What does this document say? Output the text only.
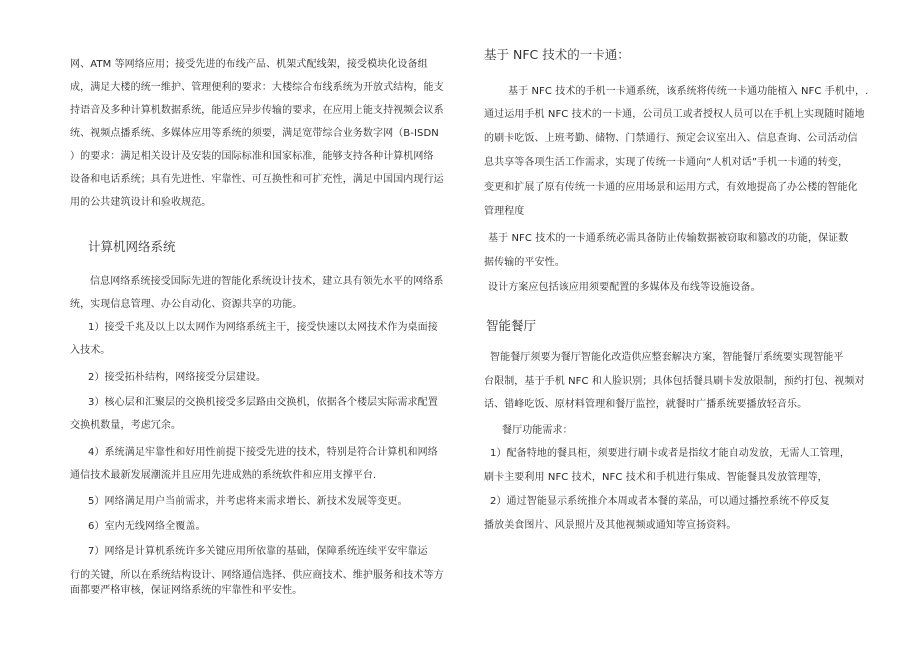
网、ATM 等网络应用；接受先进的布线产品、机架式配线架，接受模块化设备组
成，满足大楼的统一维护、管理便利的要求：大楼综合布线系统为开放式结构，能支
持语音及多种计算机数据系统，能适应异步传输的要求，在应用上能支持视频会议系
统、视频点播系统、多媒体应用等系统的须要，满足宽带综合业务数字网（B-ISDN
）的要求：满足相关设计及安装的国际标准和国家标准，能够支持各种计算机网络
设备和电话系统；具有先进性、牢靠性、可互换性和可扩充性，满足中国国内现行运
用的公共建筑设计和验收规范。
计算机网络系统
信息网络系统接受国际先进的智能化系统设计技术，建立具有领先水平的网络系
统，实现信息管理、办公自动化、资源共享的功能。
1）接受千兆及以上以太网作为网络系统主干，接受快速以太网技术作为桌面接
入技术。
2）接受拓朴结构，网络接受分层建设。
3）核心层和汇聚层的交换机接受多层路由交换机，依据各个楼层实际需求配置
交换机数量，考虑冗余。
4）系统满足牢靠性和好用性前提下接受先进的技术，特别是符合计算机和网络
通信技术最新发展潮流并且应用先进成熟的系统软件和应用支撑平台.
5）网络满足用户当前需求，并考虑将来需求增长、新技术发展等变更。
6）室内无线网络全覆盖。
7）网络是计算机系统许多关键应用所依靠的基础，保障系统连续平安牢靠运
行的关键，所以在系统结构设计、网络通信选择、供应商技术、维护服务和技术等方
面都要严格审核，保证网络系统的牢靠性和平安性。
基于 NFC 技术的一卡通：
基于 NFC 技术的手机一卡通系统，该系统将传统一卡通功能植入 NFC 手机中，.
通过运用手机 NFC 技术的一卡通，公司员工或者授权人员可以在手机上实现随时随地
的刷卡吃饭、上班考勤、储物、门禁通行、预定会议室出入、信息查询、公司活动信
息共享等各项生活工作需求，实现了传统一卡通向“人机对话”手机一卡通的转变，
变更和扩展了原有传统一卡通的应用场景和运用方式，有效地提高了办公楼的智能化
管理程度
基于 NFC 技术的一卡通系统必需具备防止传输数据被窃取和篡改的功能，保证数
据传输的平安性。
设计方案应包括该应用须要配置的多媒体及布线等设施设备。
智能餐厅
智能餐厅须要为餐厅智能化改造供应整套解决方案，智能餐厅系统要实现智能平
台限制，基于手机 NFC 和人脸识别；具体包括餐具刷卡发放限制，预约打包、视频对
话、错峰吃饭、原材料管理和餐厅监控，就餐时广播系统要播放轻音乐。
餐厅功能需求：
1）配备特地的餐具柜，须要进行刷卡或者是指纹才能自动发放，无需人工管理，
刷卡主要利用 NFC 技术，NFC 技术和手机进行集成、智能餐具发放管理等，
2）通过智能显示系统推介本周或者本餐的菜品，可以通过播控系统不停反复
播放美食图片、风景照片及其他视频或通知等宣扬资料。
